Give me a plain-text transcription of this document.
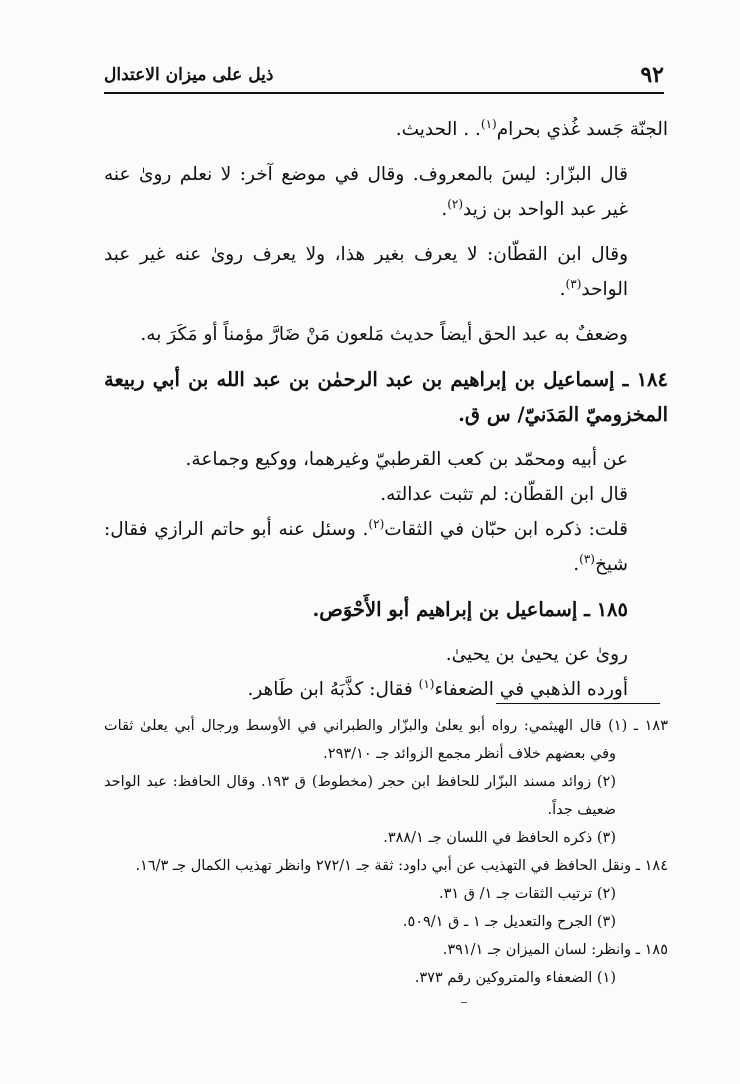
٩٢
ذيل على ميزان الاعتدال

الجنّة جَسد غُذي بحرام$^{(١)}$. . الحديث.

قال البزّار: ليسَ بالمعروف. وقال في موضع آخر: لا نعلم روىٰ عنه غير عبد الواحد بن زيد$^{(٢)}$.

وقال ابن القطّان: لا يعرف بغير هذا، ولا يعرف روىٰ عنه غير عبد الواحد$^{(٣)}$.

وضعفٌ به عبد الحق أيضاً حديث مَلعون مَنْ ضَارَّ مؤمناً أو مَكَرَ به.

١٨٤ ـ إسماعيل بن إبراهيم بن عبد الرحمٰن بن عبد الله بن أبي ربيعة المخزوميّ المَدَنيّ/ س ق.

عن أبيه ومحمّد بن كعب القرطبيّ وغيرهما، ووكيع وجماعة.

قال ابن القطّان: لم تثبت عدالته.

قلت: ذكره ابن حبّان في الثقات$^{(٢)}$. وسئل عنه أبو حاتم الرازي فقال: شيخ$^{(٣)}$.

١٨٥ ـ إسماعيل بن إبراهيم أبو الأَحْوَص.

روىٰ عن يحيىٰ بن يحيىٰ.

أورده الذهبي في الضعفاء$^{(١)}$ فقال: كذَّبَهُ ابن طَاهر.

١٨٣ ـ (١) قال الهيثمي: رواه أبو يعلىٰ والبزّار والطبراني في الأوسط ورجال أبي يعلىٰ ثقات وفي بعضهم خلاف أنظر مجمع الزوائد جـ ٢٩٣/١٠.

(٢) زوائد مسند البزّار للحافظ ابن حجر (مخطوط) ق ١٩٣. وقال الحافظ: عبد الواحد ضعيف جداً.

(٣) ذكره الحافظ في اللسان جـ ٣٨٨/١.

١٨٤ ـ ونقل الحافظ في التهذيب عن أبي داود: ثقة جـ ٢٧٢/١ وانظر تهذيب الكمال جـ ١٦/٣.

(٢) ترتيب الثقات جـ ١/ ق ٣١.

(٣) الجرح والتعديل جـ ١ ـ ق ٥٠٩/١.

١٨٥ ـ وانظر: لسان الميزان جـ ٣٩١/١.

(١) الضعفاء والمتروكين رقم ٣٧٣.
